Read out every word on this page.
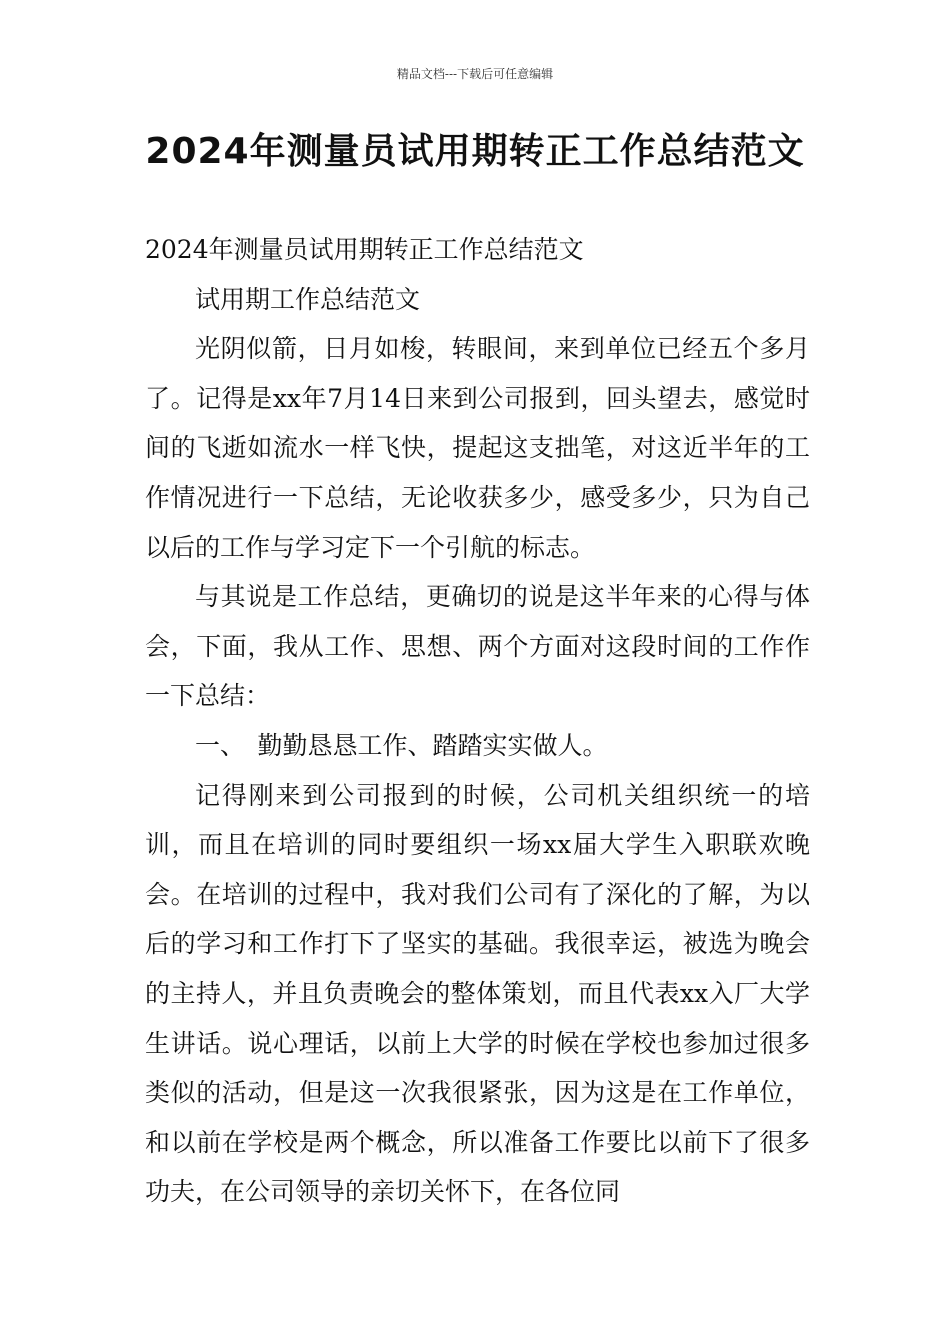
精品文档---下载后可任意编辑
2024年测量员试用期转正工作总结范文

2024年测量员试用期转正工作总结范文

试用期工作总结范文

光阴似箭，日月如梭，转眼间，来到单位已经五个多月了。记得是xx年7月14日来到公司报到，回头望去，感觉时间的飞逝如流水一样飞快，提起这支拙笔，对这近半年的工作情况进行一下总结，无论收获多少，感受多少，只为自己以后的工作与学习定下一个引航的标志。

与其说是工作总结，更确切的说是这半年来的心得与体会，下面，我从工作、思想、两个方面对这段时间的工作作一下总结：

一、　勤勤恳恳工作、踏踏实实做人。

记得刚来到公司报到的时候，公司机关组织统一的培训，而且在培训的同时要组织一场xx届大学生入职联欢晚会。在培训的过程中，我对我们公司有了深化的了解，为以后的学习和工作打下了坚实的基础。我很幸运，被选为晚会的主持人，并且负责晚会的整体策划，而且代表xx入厂大学生讲话。说心理话，以前上大学的时候在学校也参加过很多类似的活动，但是这一次我很紧张，因为这是在工作单位，和以前在学校是两个概念，所以准备工作要比以前下了很多功夫，在公司领导的亲切关怀下，在各位同
